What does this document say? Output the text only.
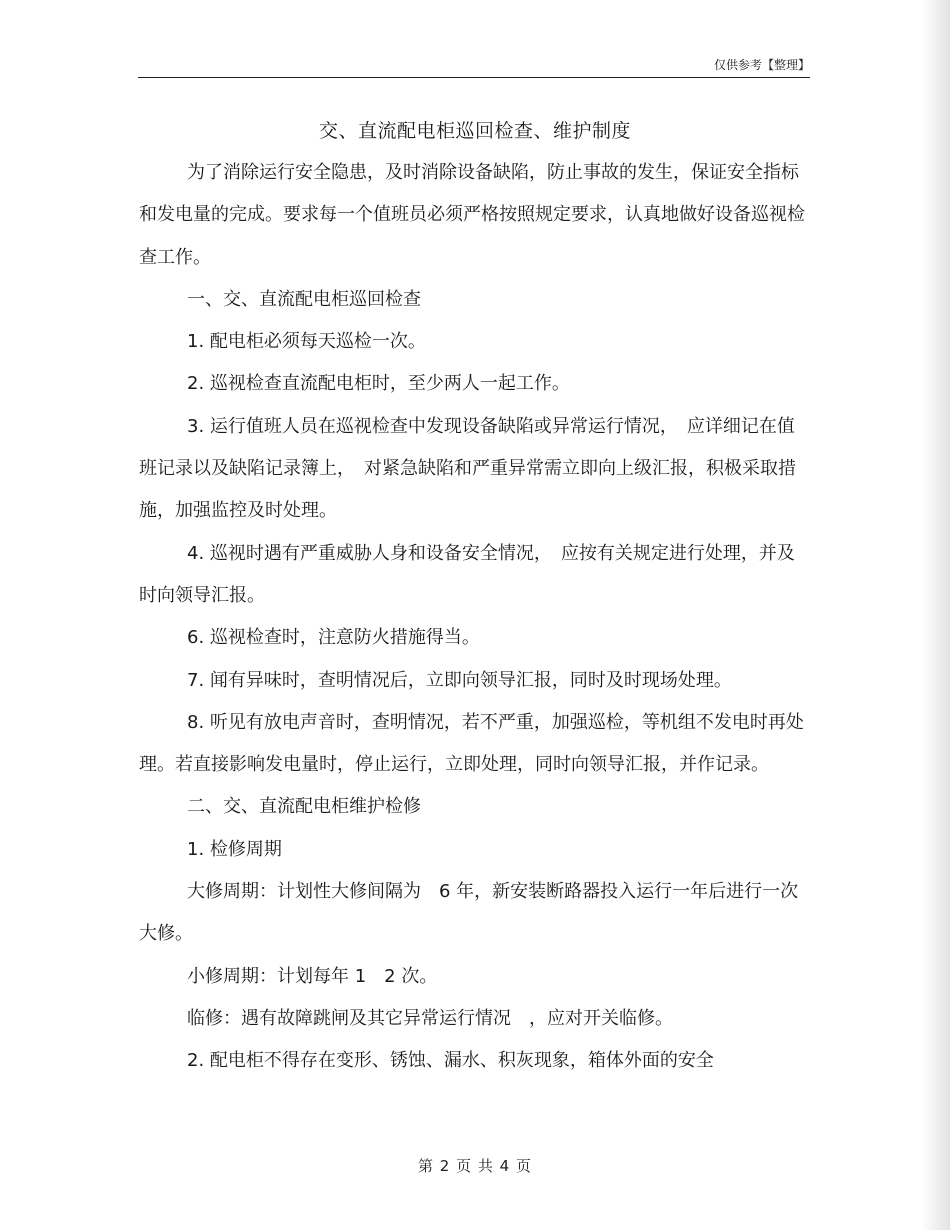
仅供参考【整理】
交、直流配电柜巡回检查、维护制度

为了消除运行安全隐患，及时消除设备缺陷，防止事故的发生，保证安全指标和发电量的完成。要求每一个值班员必须严格按照规定要求，认真地做好设备巡视检查工作。

一、交、直流配电柜巡回检查

1. 配电柜必须每天巡检一次。

2. 巡视检查直流配电柜时，至少两人一起工作。

3. 运行值班人员在巡视检查中发现设备缺陷或异常运行情况，　应详细记在值班记录以及缺陷记录簿上，　对紧急缺陷和严重异常需立即向上级汇报，积极采取措施，加强监控及时处理。

4. 巡视时遇有严重威胁人身和设备安全情况，　应按有关规定进行处理，并及时向领导汇报。

6. 巡视检查时，注意防火措施得当。

7. 闻有异味时，查明情况后，立即向领导汇报，同时及时现场处理。

8. 听见有放电声音时，查明情况，若不严重，加强巡检，等机组不发电时再处理。若直接影响发电量时，停止运行，立即处理，同时向领导汇报，并作记录。

二、交、直流配电柜维护检修

1. 检修周期

大修周期：计划性大修间隔为　6 年，新安装断路器投入运行一年后进行一次大修。

小修周期：计划每年 1　2 次。

临修：遇有故障跳闸及其它异常运行情况　，应对开关临修。

2. 配电柜不得存在变形、锈蚀、漏水、积灰现象，箱体外面的安全

第 2 页 共 4 页
